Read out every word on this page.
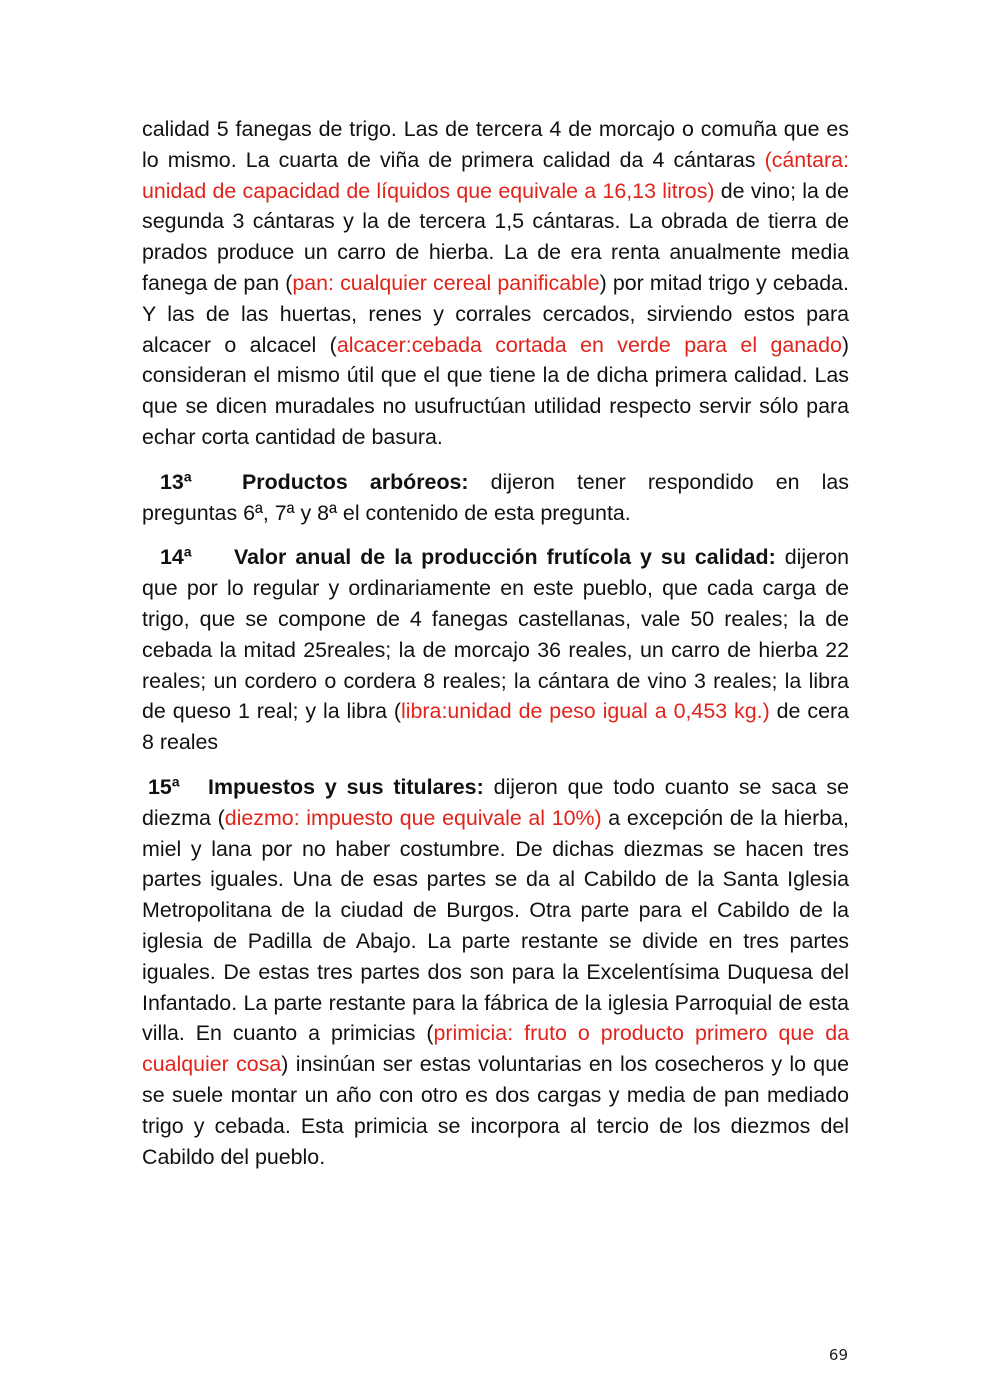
calidad 5 fanegas de trigo. Las de tercera 4 de morcajo o comuña que es lo mismo. La cuarta de viña de primera calidad da 4 cántaras (cántara: unidad de capacidad de líquidos que equivale a 16,13 litros) de vino; la de segunda 3 cántaras y la de tercera 1,5 cántaras. La obrada de tierra de prados produce un carro de hierba. La de era renta anualmente media fanega de pan (pan: cualquier cereal panificable) por mitad trigo y cebada. Y las de las huertas, renes y corrales cercados, sirviendo estos para alcacer o alcacel (alcacer:cebada cortada en verde para el ganado) consideran el mismo útil que el que tiene la de dicha primera calidad. Las que se dicen muradales no usufructúan utilidad respecto servir sólo para echar corta cantidad de basura.

13ª Productos arbóreos: dijeron tener respondido en las preguntas 6ª, 7ª y 8ª el contenido de esta pregunta.

14ª Valor anual de la producción frutícola y su calidad: dijeron que por lo regular y ordinariamente en este pueblo, que cada carga de trigo, que se compone de 4 fanegas castellanas, vale 50 reales; la de cebada la mitad 25reales; la de morcajo 36 reales, un carro de hierba 22 reales; un cordero o cordera 8 reales; la cántara de vino 3 reales; la libra de queso 1 real; y la libra (libra:unidad de peso igual a 0,453 kg.) de cera 8 reales

15ª Impuestos y sus titulares: dijeron que todo cuanto se saca se diezma (diezmo: impuesto que equivale al 10%) a excepción de la hierba, miel y lana por no haber costumbre. De dichas diezmas se hacen tres partes iguales. Una de esas partes se da al Cabildo de la Santa Iglesia Metropolitana de la ciudad de Burgos. Otra parte para el Cabildo de la iglesia de Padilla de Abajo. La parte restante se divide en tres partes iguales. De estas tres partes dos son para la Excelentísima Duquesa del Infantado. La parte restante para la fábrica de la iglesia Parroquial de esta villa. En cuanto a primicias (primicia: fruto o producto primero que da cualquier cosa) insinúan ser estas voluntarias en los cosecheros y lo que se suele montar un año con otro es dos cargas y media de pan mediado trigo y cebada. Esta primicia se incorpora al tercio de los diezmos del Cabildo del pueblo.

69
